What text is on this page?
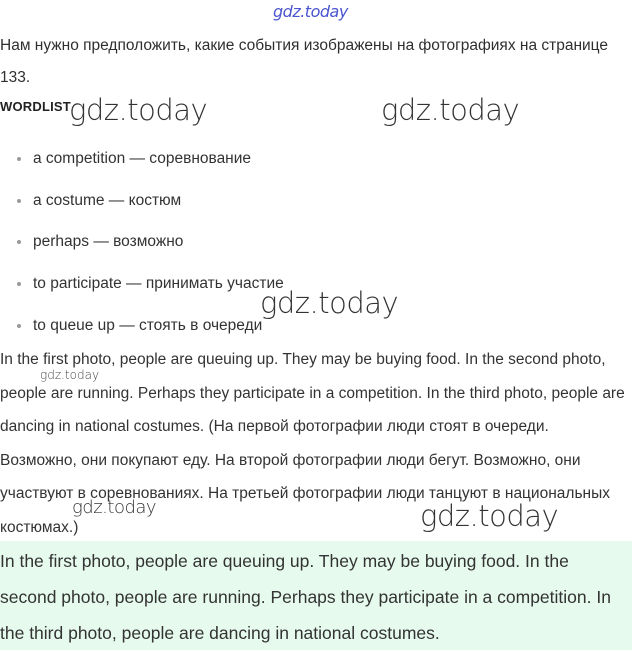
gdz.today
Нам нужно предположить, какие события изображены на фотографиях на странице 133.
WORDLIST
a competition — соревнование
a costume — костюм
perhaps — возможно
to participate — принимать участие
to queue up — стоять в очереди
In the first photo, people are queuing up. They may be buying food. In the second photo, people are running. Perhaps they participate in a competition. In the third photo, people are dancing in national costumes. (На первой фотографии люди стоят в очереди. Возможно, они покупают еду. На второй фотографии люди бегут. Возможно, они участвуют в соревнованиях. На третьей фотографии люди танцуют в национальных костюмах.)

In the first photo, people are queuing up. They may be buying food. In the second photo, people are running. Perhaps they participate in a competition. In the third photo, people are dancing in national costumes.

gdz.today	gdz.today
gdz.today
gdz.today
gdz.today	gdz.today
